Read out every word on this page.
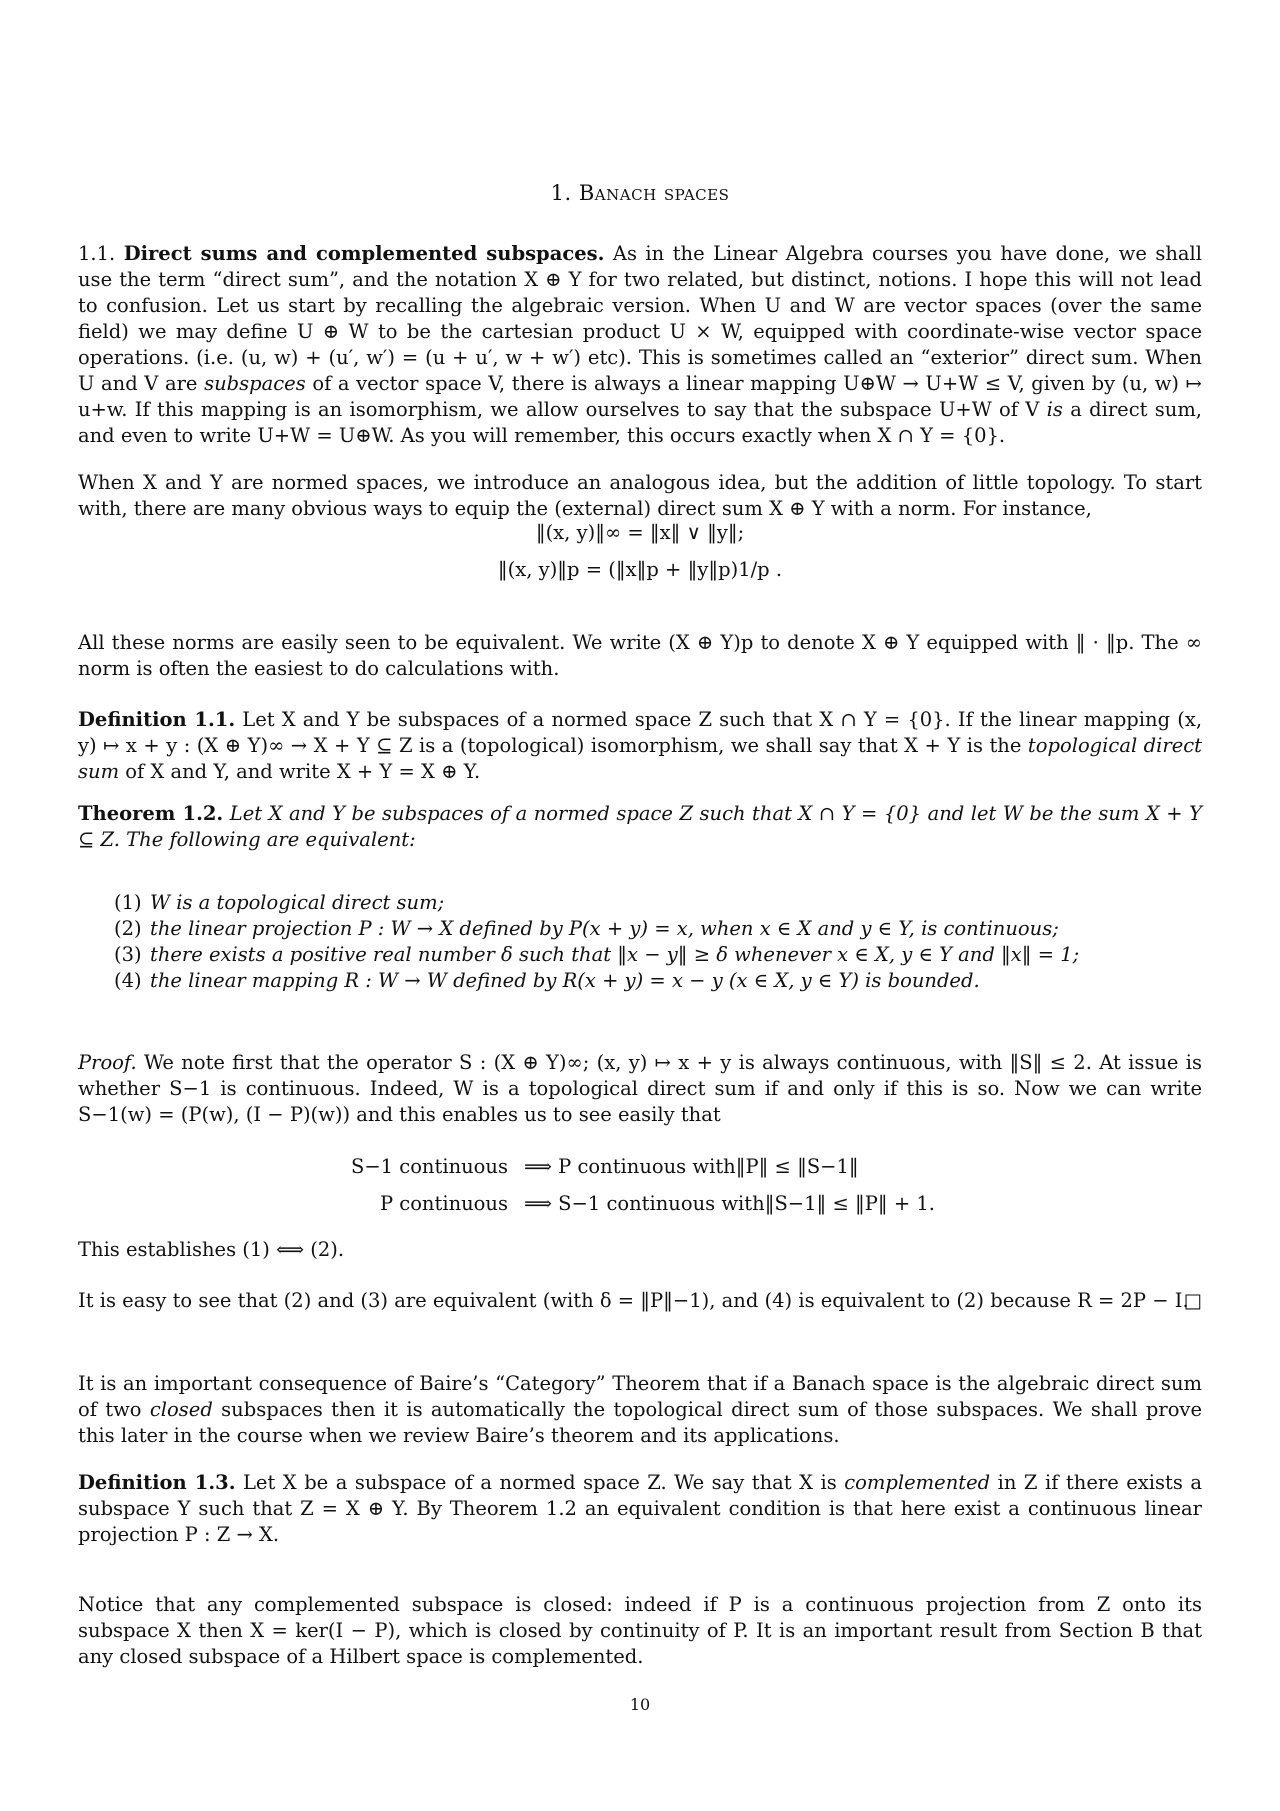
1. Banach spaces

1.1. Direct sums and complemented subspaces. As in the Linear Algebra courses you have done, we shall use the term “direct sum”, and the notation X ⊕ Y for two related, but distinct, notions. I hope this will not lead to confusion. Let us start by recalling the algebraic version. When U and W are vector spaces (over the same field) we may define U ⊕ W to be the cartesian product U × W, equipped with coordinate-wise vector space operations. (i.e. (u, w) + (u′, w′) = (u + u′, w + w′) etc). This is sometimes called an “exterior” direct sum. When U and V are subspaces of a vector space V, there is always a linear mapping U⊕W → U+W ≤ V, given by (u, w) ↦ u+w. If this mapping is an isomorphism, we allow ourselves to say that the subspace U+W of V is a direct sum, and even to write U+W = U⊕W. As you will remember, this occurs exactly when X ∩ Y = {0}.

When X and Y are normed spaces, we introduce an analogous idea, but the addition of little topology. To start with, there are many obvious ways to equip the (external) direct sum X ⊕ Y with a norm. For instance,

‖(x, y)‖∞ = ‖x‖ ∨ ‖y‖;
‖(x, y)‖p = (‖x‖p + ‖y‖p)1/p .

All these norms are easily seen to be equivalent. We write (X ⊕ Y)p to denote X ⊕ Y equipped with ‖ · ‖p. The ∞ norm is often the easiest to do calculations with.

Definition 1.1. Let X and Y be subspaces of a normed space Z such that X ∩ Y = {0}. If the linear mapping (x, y) ↦ x + y : (X ⊕ Y)∞ → X + Y ⊆ Z is a (topological) isomorphism, we shall say that X + Y is the topological direct sum of X and Y, and write X + Y = X ⊕ Y.

Theorem 1.2. Let X and Y be subspaces of a normed space Z such that X ∩ Y = {0} and let W be the sum X + Y ⊆ Z. The following are equivalent:

(1) W is a topological direct sum;
(2) the linear projection P : W → X defined by P(x + y) = x, when x ∈ X and y ∈ Y, is continuous;
(3) there exists a positive real number δ such that ‖x − y‖ ≥ δ whenever x ∈ X, y ∈ Y and ‖x‖ = 1;
(4) the linear mapping R : W → W defined by R(x + y) = x − y (x ∈ X, y ∈ Y) is bounded.

Proof. We note first that the operator S : (X ⊕ Y)∞; (x, y) ↦ x + y is always continuous, with ‖S‖ ≤ 2. At issue is whether S−1 is continuous. Indeed, W is a topological direct sum if and only if this is so. Now we can write S−1(w) = (P(w), (I − P)(w)) and this enables us to see easily that

S−1 continuous ⟹ P continuous with‖P‖ ≤ ‖S−1‖
P continuous ⟹ S−1 continuous with‖S−1‖ ≤ ‖P‖ + 1.

This establishes (1) ⟺ (2).

It is easy to see that (2) and (3) are equivalent (with δ = ‖P‖−1), and (4) is equivalent to (2) because R = 2P − I.
□

It is an important consequence of Baire’s “Category” Theorem that if a Banach space is the algebraic direct sum of two closed subspaces then it is automatically the topological direct sum of those subspaces. We shall prove this later in the course when we review Baire’s theorem and its applications.

Definition 1.3. Let X be a subspace of a normed space Z. We say that X is complemented in Z if there exists a subspace Y such that Z = X ⊕ Y. By Theorem 1.2 an equivalent condition is that here exist a continuous linear projection P : Z → X.

Notice that any complemented subspace is closed: indeed if P is a continuous projection from Z onto its subspace X then X = ker(I − P), which is closed by continuity of P. It is an important result from Section B that any closed subspace of a Hilbert space is complemented.

10
